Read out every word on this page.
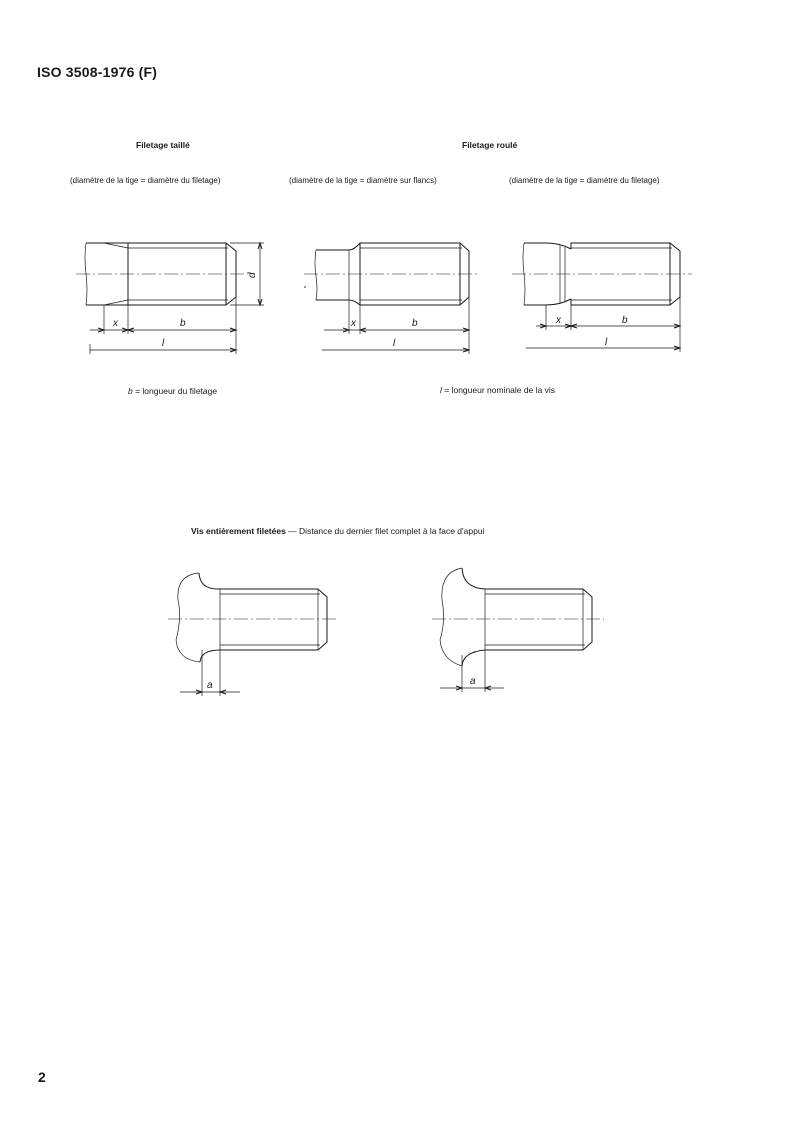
ISO 3508-1976 (F)
Filetage taillé	Filetage roulé
(diamètre de la tige = diamètre du filetage)	(diamètre de la tige = diamètre sur flancs)	(diamètre de la tige = diamètre du filetage)
d
x	b
l
x	b
l
x	b
l
b = longueur du filetage	l = longueur nominale de la vis
Vis entièrement filetées — Distance du dernier filet complet à la face d'appui
a	a
2
